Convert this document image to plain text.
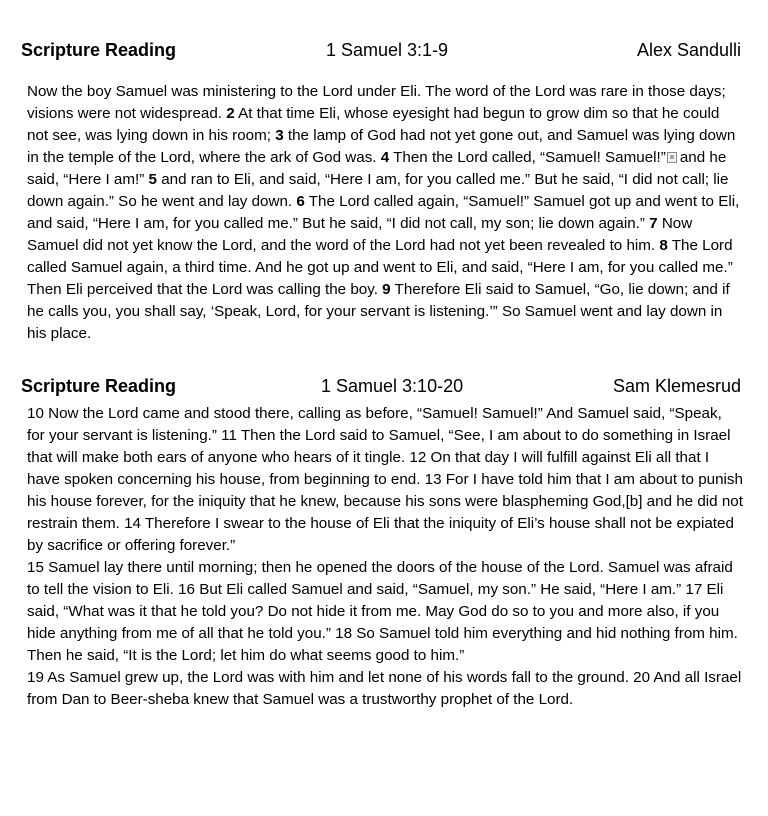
Scripture Reading	1 Samuel 3:1-9	Alex Sandulli

Now the boy Samuel was ministering to the Lord under Eli. The word of the Lord was rare in those days; visions were not widespread. 2 At that time Eli, whose eyesight had begun to grow dim so that he could not see, was lying down in his room; 3 the lamp of God had not yet gone out, and Samuel was lying down in the temple of the Lord, where the ark of God was. 4 Then the Lord called, “Samuel! Samuel!” and he said, “Here I am!” 5 and ran to Eli, and said, “Here I am, for you called me.” But he said, “I did not call; lie down again.” So he went and lay down. 6 The Lord called again, “Samuel!” Samuel got up and went to Eli, and said, “Here I am, for you called me.” But he said, “I did not call, my son; lie down again.” 7 Now Samuel did not yet know the Lord, and the word of the Lord had not yet been revealed to him. 8 The Lord called Samuel again, a third time. And he got up and went to Eli, and said, “Here I am, for you called me.” Then Eli perceived that the Lord was calling the boy. 9 Therefore Eli said to Samuel, “Go, lie down; and if he calls you, you shall say, ‘Speak, Lord, for your servant is listening.’” So Samuel went and lay down in his place.

Scripture Reading	1 Samuel 3:10-20	Sam Klemesrud

10 Now the Lord came and stood there, calling as before, “Samuel! Samuel!” And Samuel said, “Speak, for your servant is listening.” 11 Then the Lord said to Samuel, “See, I am about to do something in Israel that will make both ears of anyone who hears of it tingle. 12 On that day I will fulfill against Eli all that I have spoken concerning his house, from beginning to end. 13 For I have told him that I am about to punish his house forever, for the iniquity that he knew, because his sons were blaspheming God,[b] and he did not restrain them. 14 Therefore I swear to the house of Eli that the iniquity of Eli’s house shall not be expiated by sacrifice or offering forever.”

15 Samuel lay there until morning; then he opened the doors of the house of the Lord. Samuel was afraid to tell the vision to Eli. 16 But Eli called Samuel and said, “Samuel, my son.” He said, “Here I am.” 17 Eli said, “What was it that he told you? Do not hide it from me. May God do so to you and more also, if you hide anything from me of all that he told you.” 18 So Samuel told him everything and hid nothing from him. Then he said, “It is the Lord; let him do what seems good to him.”

19 As Samuel grew up, the Lord was with him and let none of his words fall to the ground. 20 And all Israel from Dan to Beer-sheba knew that Samuel was a trustworthy prophet of the Lord.
